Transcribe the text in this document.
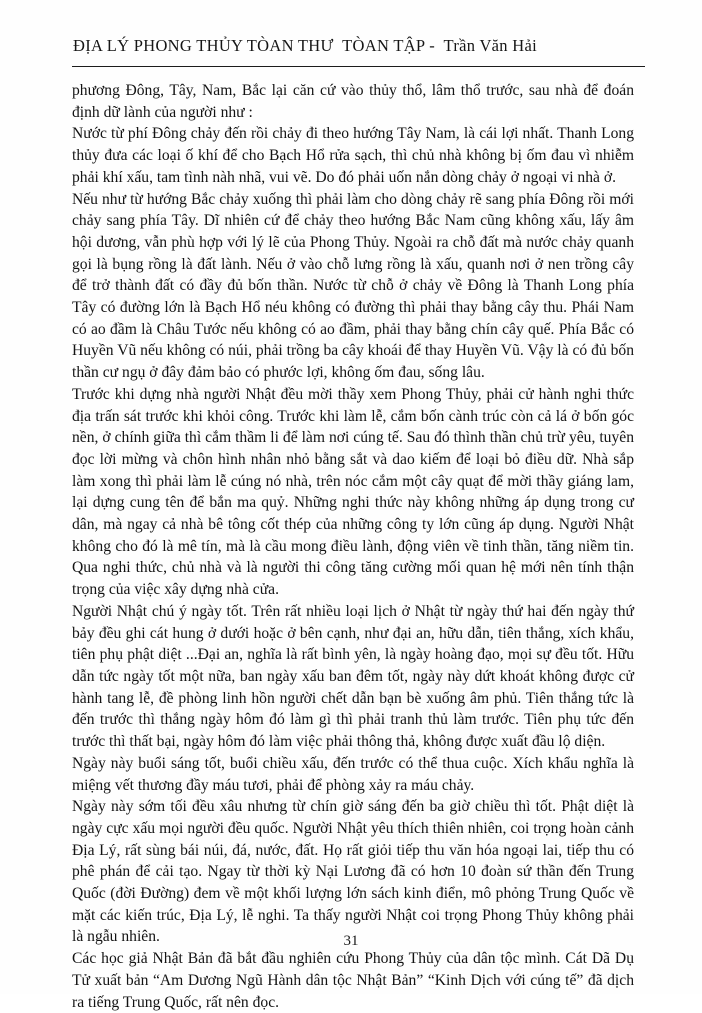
ĐỊA LÝ PHONG THỦY TÒAN THƯ  TÒAN TẬP -  Trần Văn Hải

phương Đông, Tây, Nam, Bắc lại căn cứ vào thủy thổ, lâm thổ trước, sau nhà để đoán định dữ lành của người như :

Nước từ phí Đông chảy đến rồi chảy đi theo hướng Tây Nam, là cái lợi nhất. Thanh Long thủy đưa các loại ố khí để cho Bạch Hổ rửa sạch, thì chủ nhà không bị ốm đau vì nhiễm phải khí xấu, tam tình nàh nhã, vui vẽ. Do đó phải uốn nắn dòng chảy ở ngoại vi nhà ở.

Nếu như từ hướng Bắc chảy xuống thì phải làm cho dòng chảy rẽ sang phía Đông rồi mới chảy sang phía Tây. Dĩ nhiên cứ để chảy theo hướng Bắc Nam cũng không xấu, lấy âm hội dương, vẫn phù hợp với lý lẽ của Phong Thủy. Ngoài ra chỗ đất mà nước chảy quanh gọi là bụng rồng là đất lành. Nếu ở vào chỗ lưng rồng là xấu, quanh nơi ở nen trồng cây để trở thành đất có đầy đủ bốn thần. Nước từ chỗ ở chảy về Đông là Thanh Long phía Tây có đường lớn là Bạch Hổ néu không có đường thì phải thay bằng cây thu. Phái Nam có ao đầm là Châu Tước nếu không có ao đầm, phải thay bằng chín cây quế. Phía Bắc có Huyền Vũ nếu không có núi, phải trồng ba cây khoái để thay Huyền Vũ. Vậy là có đủ bốn thần cư ngụ ở đây đảm bảo có phước lợi, không ốm đau, sống lâu.

Trước khi dựng nhà người Nhật đều mời thầy xem Phong Thủy, phải cử hành nghi thức địa trấn sát trước khi khỏi công. Trước khi làm lễ, cắm bốn cành trúc còn cả lá ở bốn góc nền, ở chính giữa thì cắm thầm li để làm nơi cúng tế. Sau đó thình thần chủ trừ yêu, tuyên đọc lời mừng và chôn hình nhân nhỏ bằng sắt và dao kiếm để loại bỏ điều dữ. Nhà sắp làm xong thì phải làm lễ cúng nó nhà, trên nóc cắm một cây quạt để mời thầy giáng lam, lại dựng cung tên để bắn ma quỷ. Những nghi thức này không những áp dụng trong cư dân, mà ngay cả nhà bê tông cốt thép của những công ty lớn cũng áp dụng. Người Nhật không cho đó là mê tín, mà là cầu mong điều lành, động viên về tinh thần, tăng niềm tin. Qua nghi thức, chủ nhà và là người thi công tăng cường mối quan hệ mới nên tính thận trọng của việc xây dựng nhà cửa.

Người Nhật chú ý ngày tốt. Trên rất nhiều loại lịch ở Nhật từ ngày thứ hai đến ngày thứ bảy đều ghi cát hung ở dưới hoặc ở bên cạnh, như đại an, hữu dẫn, tiên thắng, xích khẩu, tiên phụ phật diệt ...Đại an, nghĩa là rất bình yên, là ngày hoàng đạo, mọi sự đều tốt. Hữu dẫn tức ngày tốt một nữa, ban ngày xấu ban đêm tốt, ngày này dứt khoát không được cử hành tang lễ, đề phòng linh hồn người chết dẫn bạn bè xuống âm phủ. Tiên thắng tức là đến trước thì thắng ngày hôm đó làm gì thì phải tranh thủ làm trước. Tiên phụ tức đến trước thì thất bại, ngày hôm đó làm việc phải thông thả, không được xuất đầu lộ diện.

Ngày này buổi sáng tốt, buổi chiều xấu, đến trước có thể thua cuộc. Xích khẩu nghĩa là miệng vết thương đầy máu tươi, phải để phòng xảy ra máu chảy.

Ngày này sớm tối đều xâu nhưng từ chín giờ sáng đến ba giờ chiều thì tốt. Phật diệt là ngày cực xấu mọi người đều quốc. Người Nhật yêu thích thiên nhiên, coi trọng hoàn cảnh Địa Lý, rất sùng bái núi, đá, nước, đất. Họ rất giỏi tiếp thu văn hóa ngoại lai, tiếp thu có phê phán để cải tạo. Ngay từ thời kỳ Nại Lương đã có hơn 10 đoàn sứ thần đến Trung Quốc (đời Đường) đem về một khối lượng lớn sách kinh điển, mô phỏng Trung Quốc về mặt các kiến trúc, Địa Lý, lễ nghi. Ta thấy người Nhật coi trọng Phong Thủy không phải là ngẫu nhiên.

Các học giả Nhật Bản đã bắt đầu nghiên cứu Phong Thủy của dân tộc mình. Cát Dã Dụ Tử xuất bản “Am Dương Ngũ Hành dân tộc Nhật Bản” “Kinh Dịch với cúng tế” đã dịch ra tiếng Trung Quốc, rất nên đọc.

31
